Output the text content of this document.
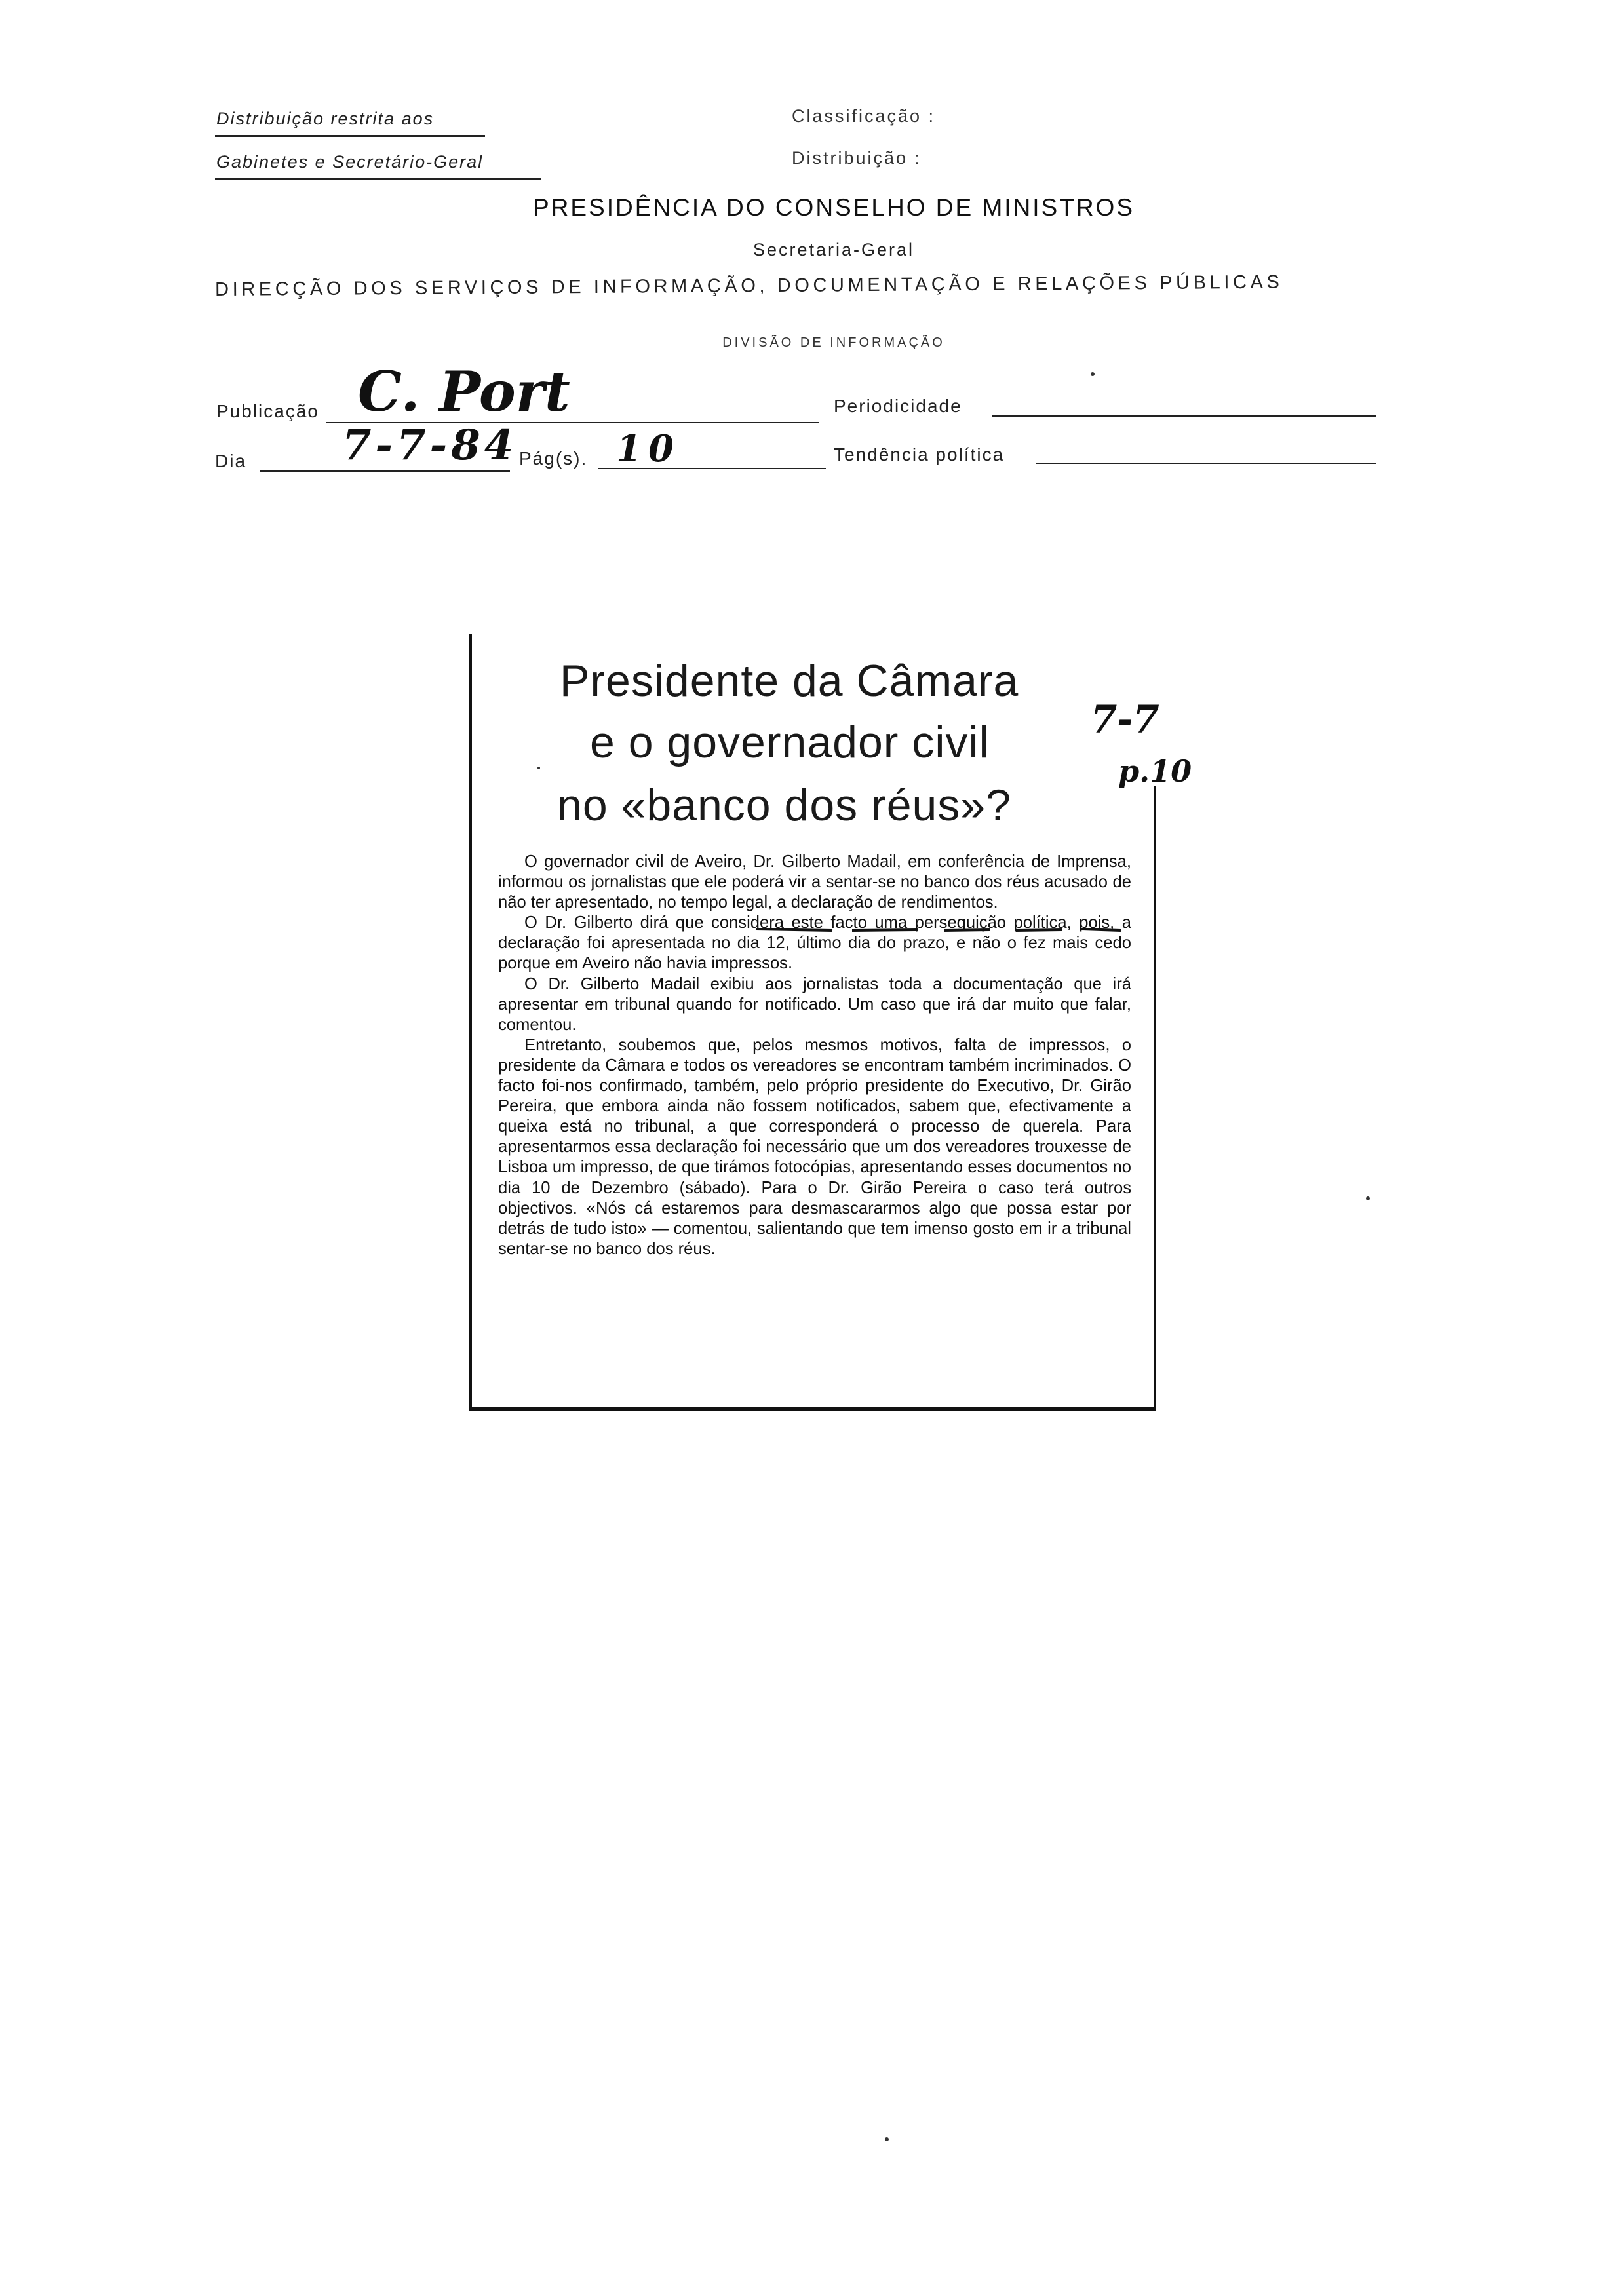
Distribuição restrita aos
Gabinetes e Secretário-Geral
Classificação :
Distribuição :
PRESIDÊNCIA DO CONSELHO DE MINISTROS
Secretaria-Geral
DIRECÇÃO DOS SERVIÇOS DE INFORMAÇÃO, DOCUMENTAÇÃO E RELAÇÕES PÚBLICAS
DIVISÃO DE INFORMAÇÃO
Publicação C. Port	Periodicidade
Dia 7-7-84 Pág(s). 10	Tendência política
Presidente da Câmara
e o governador civil
no «banco dos réus»?
7-7
p.10

O governador civil de Aveiro, Dr. Gilberto Madail, em conferência de Imprensa, informou os jornalistas que ele poderá vir a sentar-se no banco dos réus acusado de não ter apresentado, no tempo legal, a declaração de rendimentos.

O Dr. Gilberto dirá que considera este facto uma perseguição política, pois, a declaração foi apresentada no dia 12, último dia do prazo, e não o fez mais cedo porque em Aveiro não havia impressos.

O Dr. Gilberto Madail exibiu aos jornalistas toda a documentação que irá apresentar em tribunal quando for notificado. Um caso que irá dar muito que falar, comentou.

Entretanto, soubemos que, pelos mesmos motivos, falta de impressos, o presidente da Câmara e todos os vereadores se encontram também incriminados. O facto foi-nos confirmado, também, pelo próprio presidente do Executivo, Dr. Girão Pereira, que embora ainda não fossem notificados, sabem que, efectivamente a queixa está no tribunal, a que corresponderá o processo de querela. Para apresentarmos essa declaração foi necessário que um dos vereadores trouxesse de Lisboa um impresso, de que tirámos fotocópias, apresentando esses documentos no dia 10 de Dezembro (sábado). Para o Dr. Girão Pereira o caso terá outros objectivos. «Nós cá estaremos para desmascararmos algo que possa estar por detrás de tudo isto» — comentou, salientando que tem imenso gosto em ir a tribunal sentar-se no banco dos réus.
